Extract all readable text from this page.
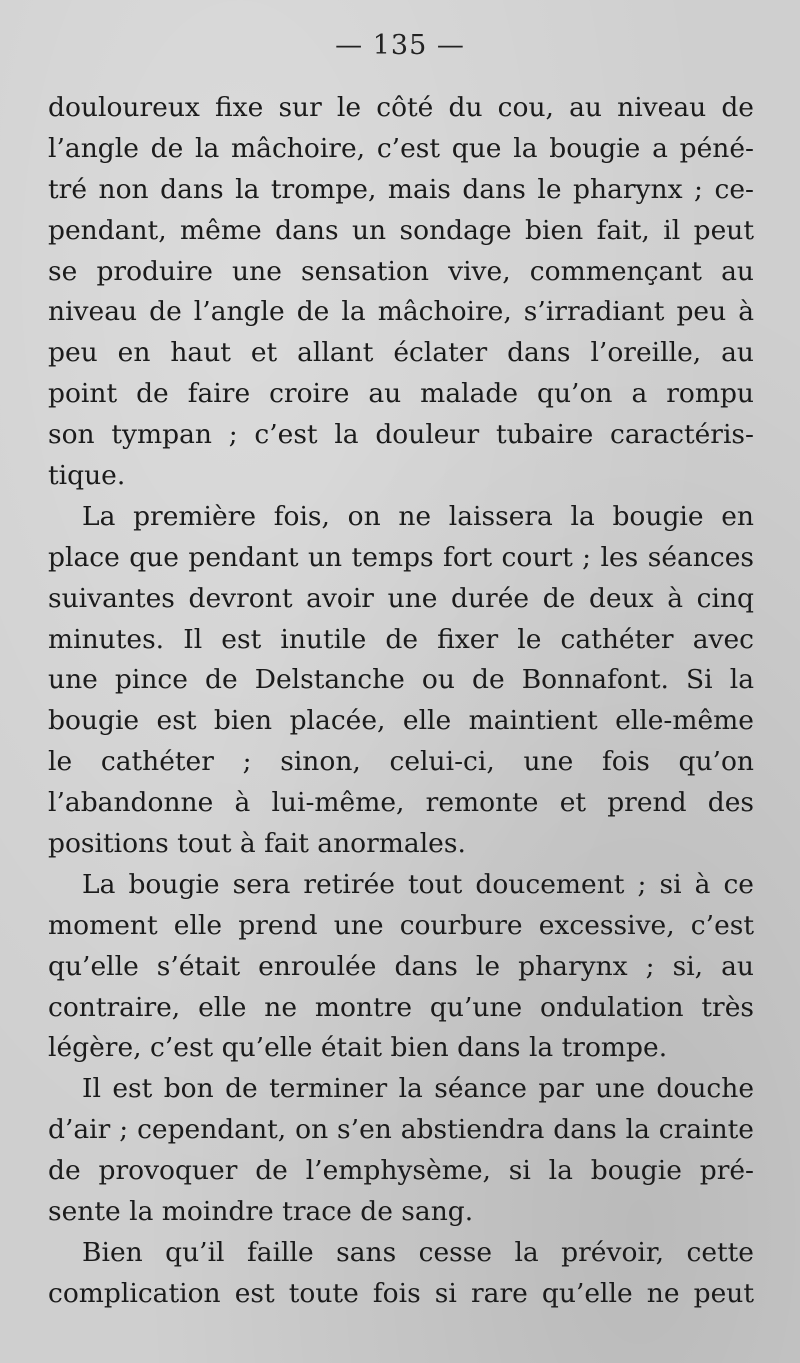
— 135 —
douloureux fixe sur le côté du cou, au niveau de
l’angle de la mâchoire, c’est que la bougie a péné-
tré non dans la trompe, mais dans le pharynx ; ce-
pendant, même dans un sondage bien fait, il peut
se produire une sensation vive, commençant au
niveau de l’angle de la mâchoire, s’irradiant peu à
peu en haut et allant éclater dans l’oreille, au
point de faire croire au malade qu’on a rompu
son tympan ; c’est la douleur tubaire caractéris-
tique.
La première fois, on ne laissera la bougie en
place que pendant un temps fort court ; les séances
suivantes devront avoir une durée de deux à cinq
minutes. Il est inutile de fixer le cathéter avec
une pince de Delstanche ou de Bonnafont. Si la
bougie est bien placée, elle maintient elle-même
le cathéter ; sinon, celui-ci, une fois qu’on
l’abandonne à lui-même, remonte et prend des
positions tout à fait anormales.
La bougie sera retirée tout doucement ; si à ce
moment elle prend une courbure excessive, c’est
qu’elle s’était enroulée dans le pharynx ; si, au
contraire, elle ne montre qu’une ondulation très
légère, c’est qu’elle était bien dans la trompe.
Il est bon de terminer la séance par une douche
d’air ; cependant, on s’en abstiendra dans la crainte
de provoquer de l’emphysème, si la bougie pré-
sente la moindre trace de sang.
Bien qu’il faille sans cesse la prévoir, cette
complication est toute fois si rare qu’elle ne peut
